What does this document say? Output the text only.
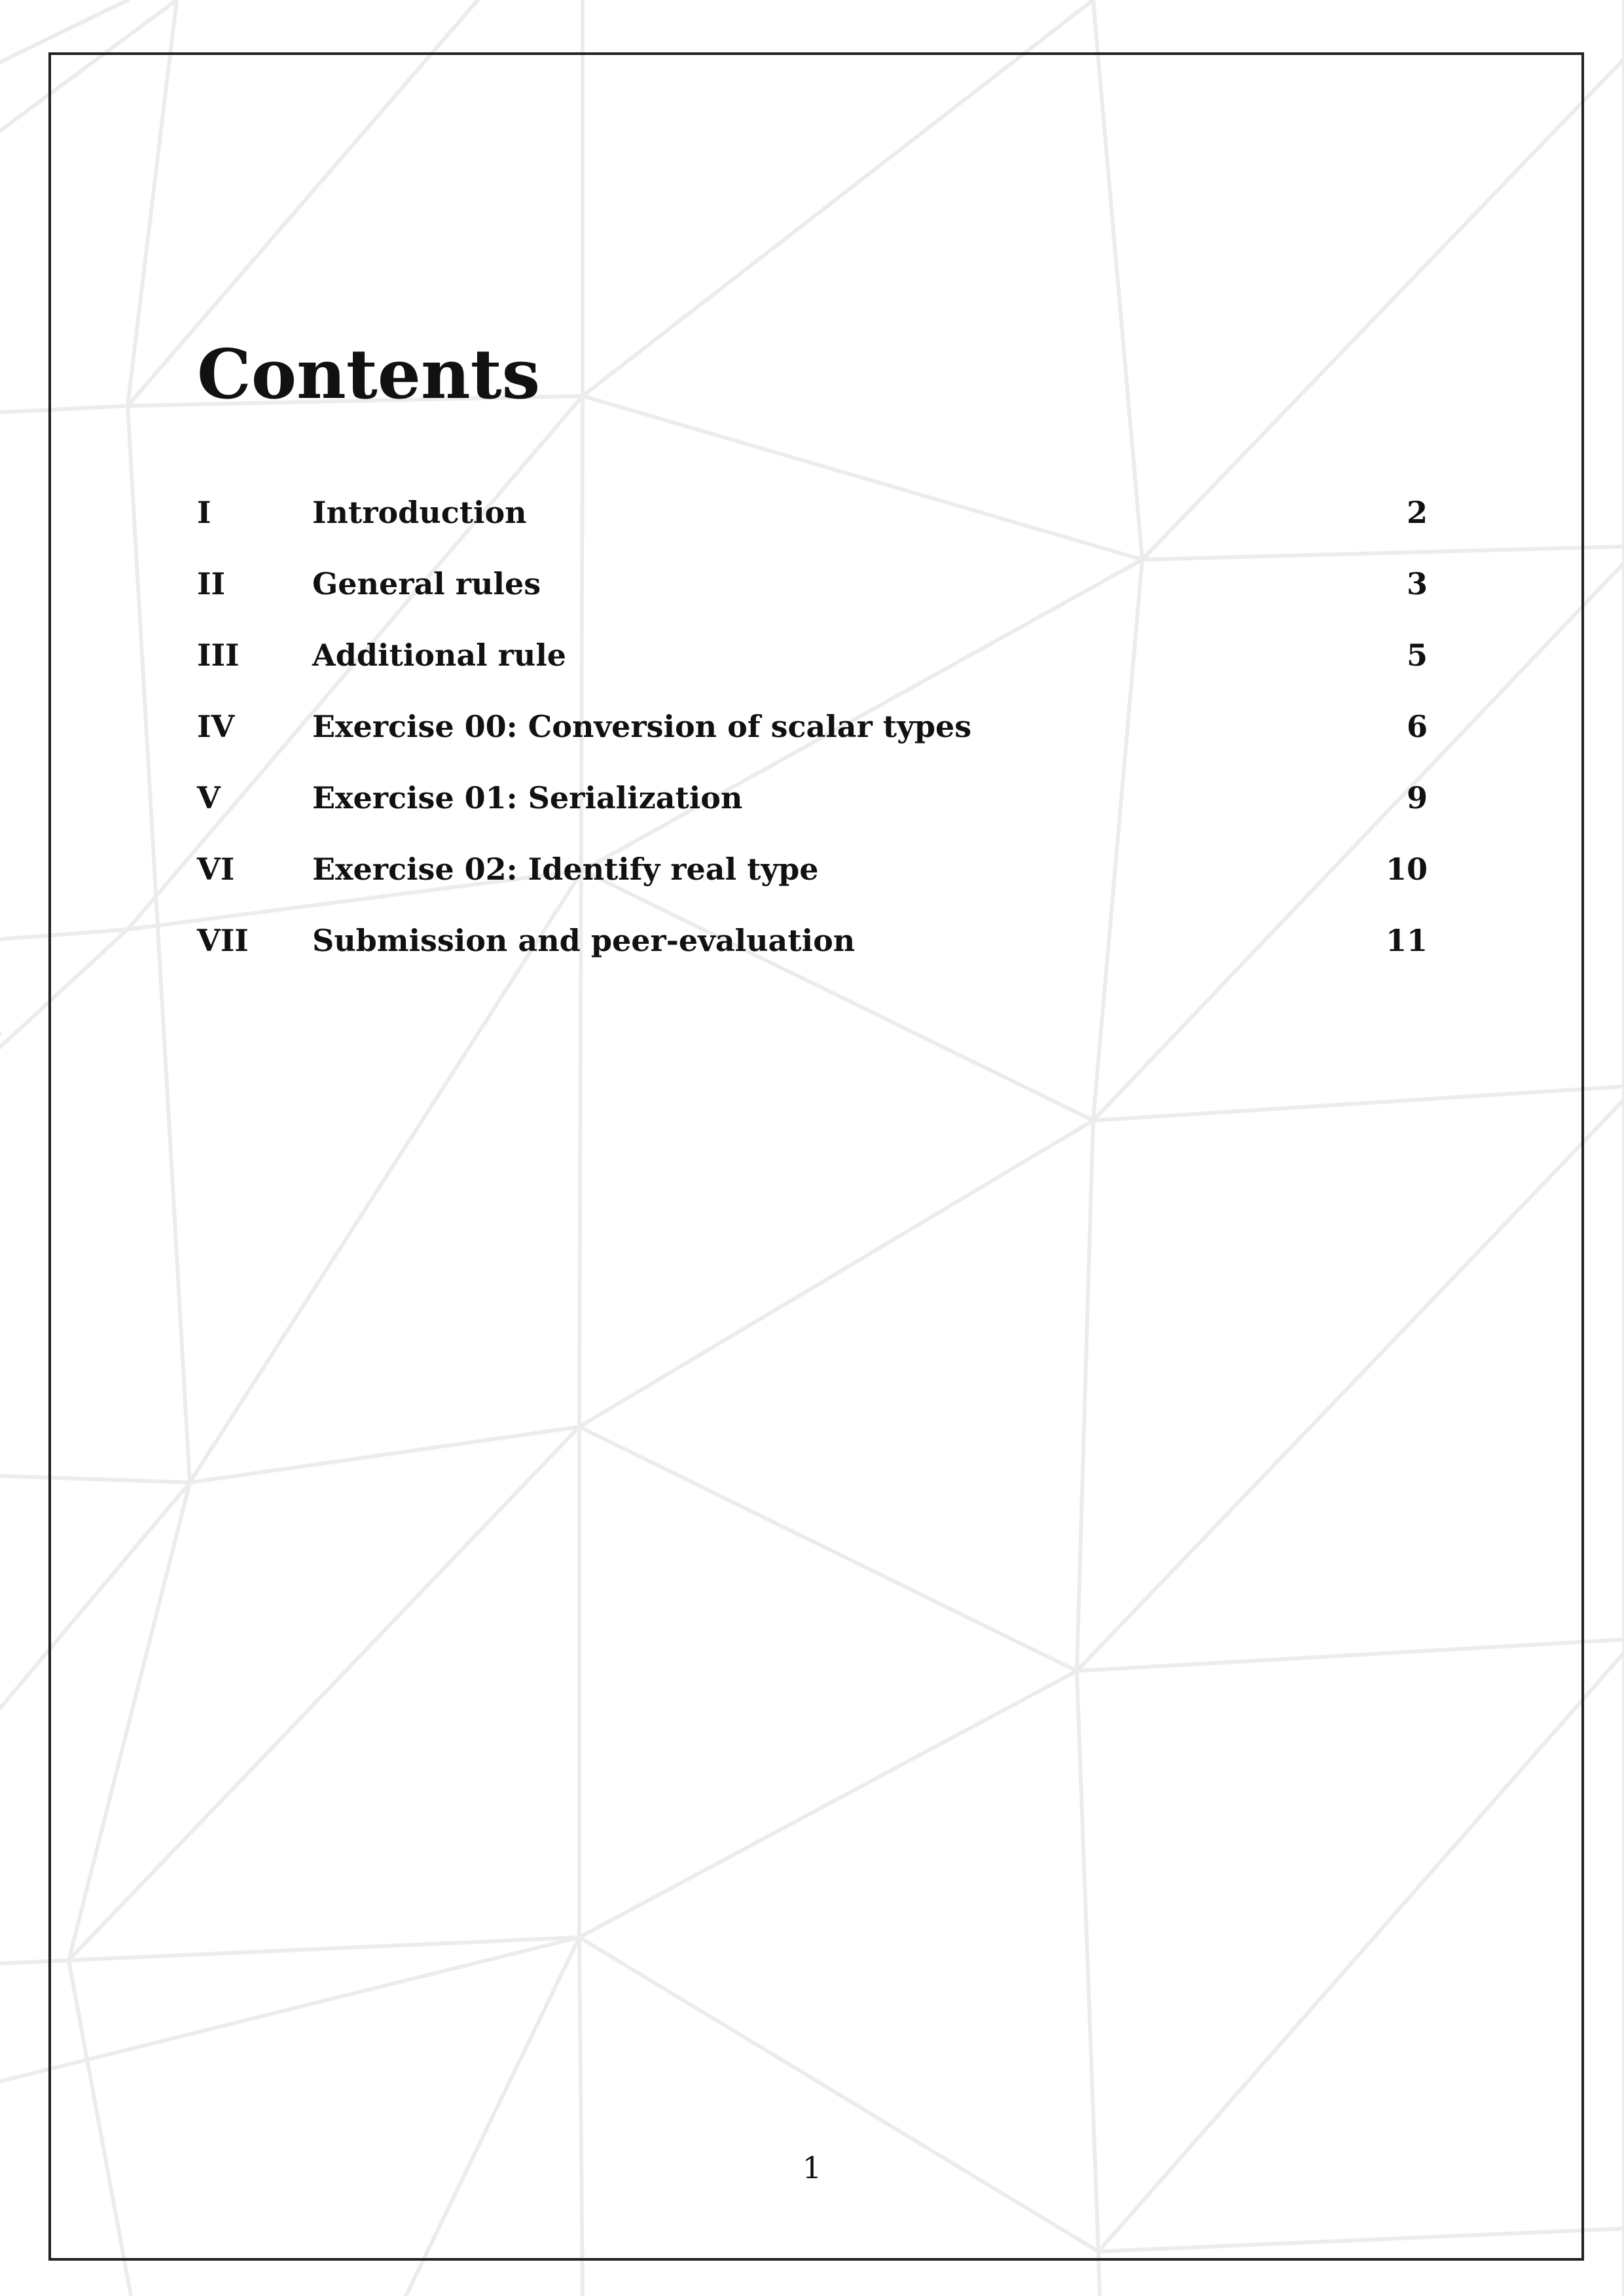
Contents
I	Introduction	2
II	General rules	3
III Additional rule	5
IV	Exercise 00: Conversion of scalar types	6
V	Exercise 01: Serialization	9
VI	Exercise 02: Identify real type	10
VII Submission and peer-evaluation	11
1
